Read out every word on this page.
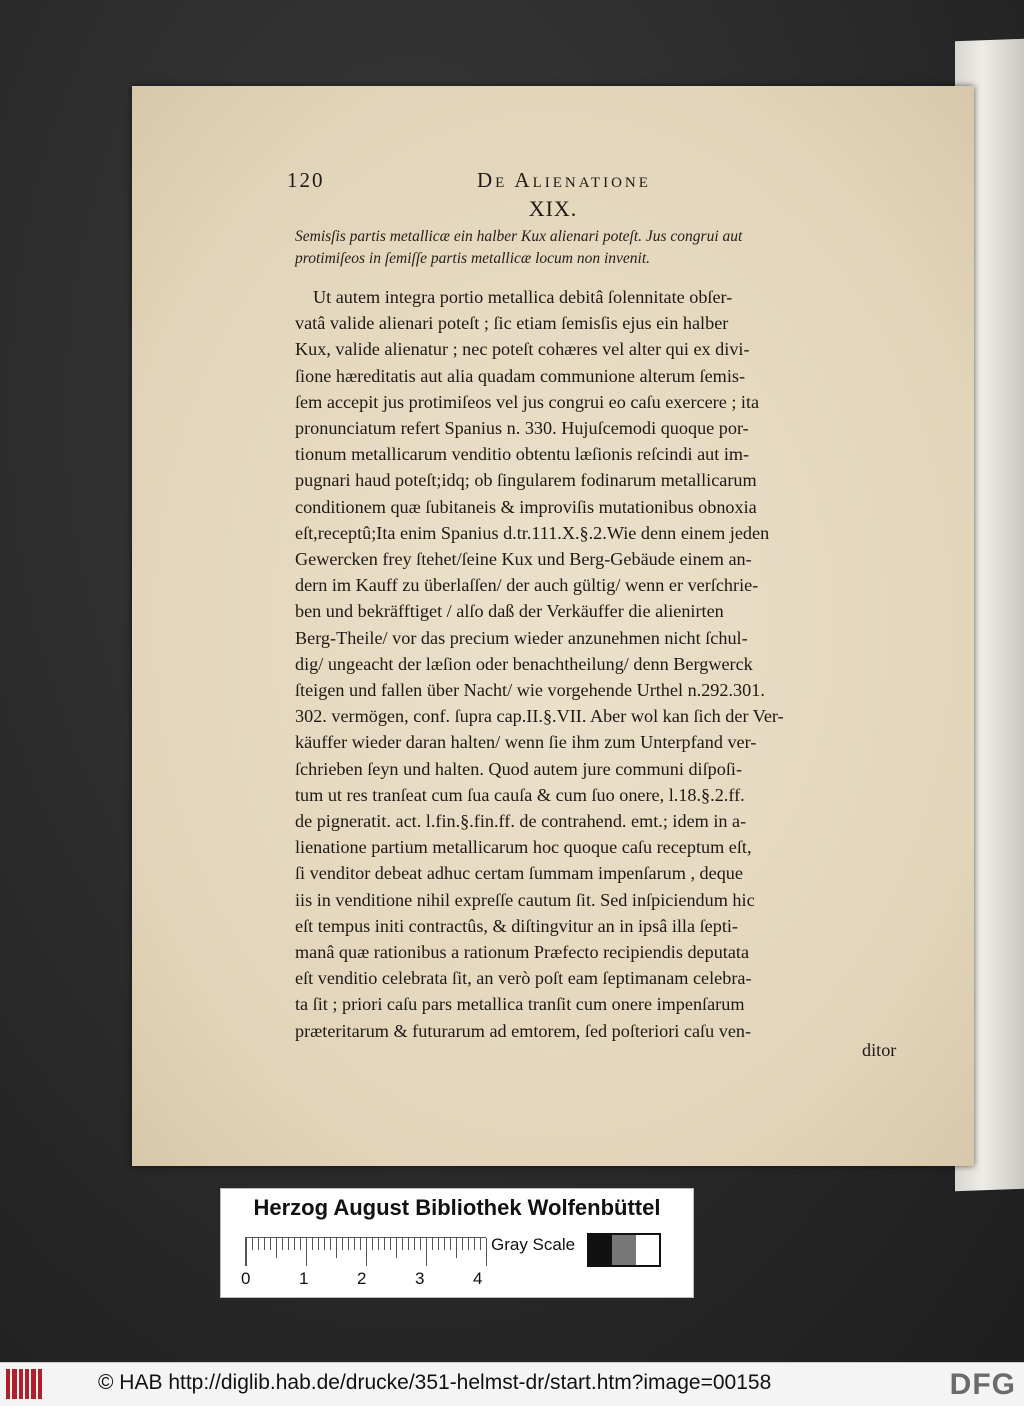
120	De Alienatione
XIX.
Semisſis partis metallicæ ein halber Kux alienari poteſt. Jus congrui aut
protimiſeos in ſemiſſe partis metallicæ locum non invenit.
Ut autem integra portio metallica debitâ ſolennitate obſer-
vatâ valide alienari poteſt ; ſic etiam ſemisſis ejus ein halber
Kux, valide alienatur ; nec poteſt cohæres vel alter qui ex divi-
ſione hæreditatis aut alia quadam communione alterum ſemis-
ſem accepit jus protimiſeos vel jus congrui eo caſu exercere ; ita
pronunciatum refert Spanius n. 330. Hujuſcemodi quoque por-
tionum metallicarum venditio obtentu læſionis reſcindi aut im-
pugnari haud poteſt;idq; ob ſingularem fodinarum metallicarum
conditionem quæ ſubitaneis & improviſis mutationibus obnoxia
eſt,receptû;Ita enim Spanius d.tr.111.X.§.2.Wie denn einem jeden
Gewercken frey ſtehet/ſeine Kux und Berg-Gebäude einem an-
dern im Kauff zu überlaſſen/ der auch gültig/ wenn er verſchrie-
ben und bekräfftiget / alſo daß der Verkäuffer die alienirten
Berg-Theile/ vor das precium wieder anzunehmen nicht ſchul-
dig/ ungeacht der læſion oder benachtheilung/ denn Bergwerck
ſteigen und fallen über Nacht/ wie vorgehende Urthel n.292.301.
302. vermögen, conf. ſupra cap.II.§.VII. Aber wol kan ſich der Ver-
käuffer wieder daran halten/ wenn ſie ihm zum Unterpfand ver-
ſchrieben ſeyn und halten. Quod autem jure communi diſpoſi-
tum ut res tranſeat cum ſua cauſa & cum ſuo onere, l.18.§.2.ff.
de pigneratit. act. l.fin.§.fin.ff. de contrahend. emt.; idem in a-
lienatione partium metallicarum hoc quoque caſu receptum eſt,
ſi venditor debeat adhuc certam ſummam impenſarum , deque
iis in venditione nihil expreſſe cautum ſit. Sed inſpiciendum hic
eſt tempus initi contractûs, & diſtingvitur an in ipsâ illa ſepti-
manâ quæ rationibus a rationum Præfecto recipiendis deputata
eſt venditio celebrata ſit, an verò poſt eam ſeptimanam celebra-
ta ſit ; priori caſu pars metallica tranſit cum onere impenſarum
præteritarum & futurarum ad emtorem, ſed poſteriori caſu ven-
ditor
Herzog August Bibliothek Wolfenbüttel
0	1	2	3	4
Gray Scale
© HAB http://diglib.hab.de/drucke/351-helmst-dr/start.htm?image=00158	DFG
